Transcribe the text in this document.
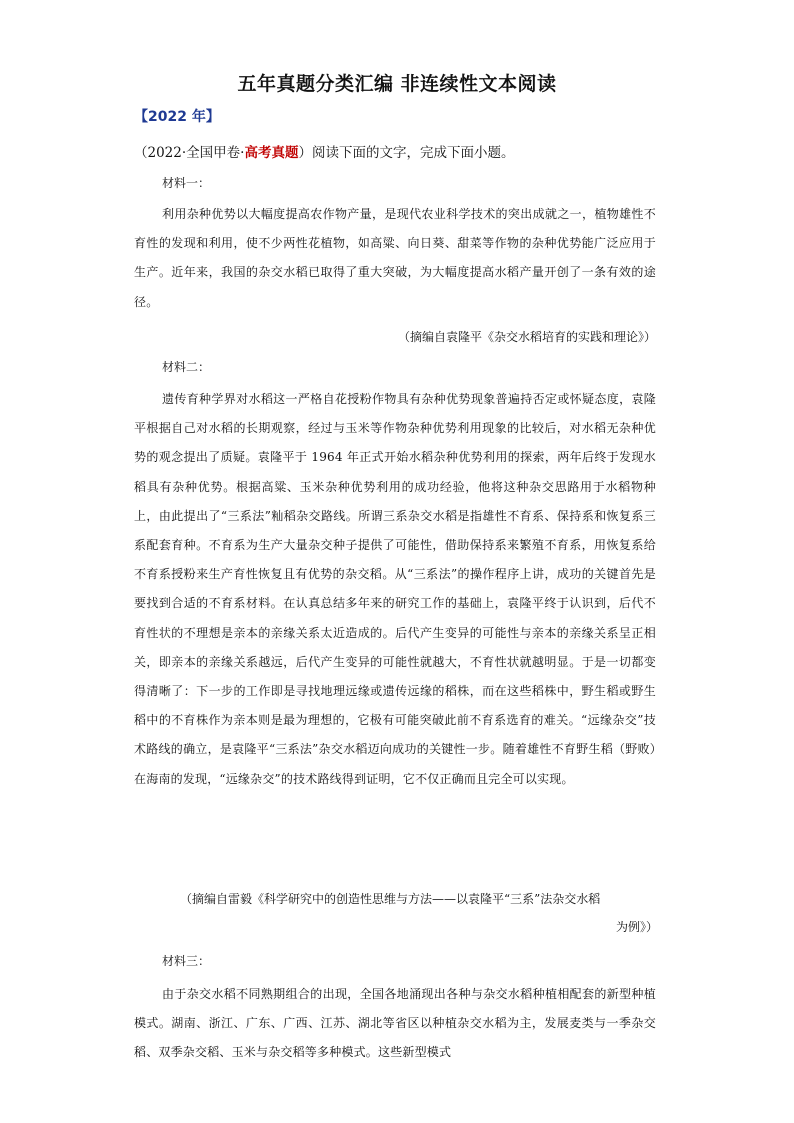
五年真题分类汇编 非连续性文本阅读
【2022 年】
（2022·全国甲卷·高考真题）阅读下面的文字，完成下面小题。
材料一：
利用杂种优势以大幅度提高农作物产量，是现代农业科学技术的突出成就之一，植物雄性不育性的发现和利用，使不少两性花植物，如高粱、向日葵、甜菜等作物的杂种优势能广泛应用于生产。近年来，我国的杂交水稻已取得了重大突破，为大幅度提高水稻产量开创了一条有效的途径。
（摘编自袁隆平《杂交水稻培育的实践和理论》）
材料二：
遗传育种学界对水稻这一严格自花授粉作物具有杂种优势现象普遍持否定或怀疑态度，袁隆平根据自己对水稻的长期观察，经过与玉米等作物杂种优势利用现象的比较后，对水稻无杂种优势的观念提出了质疑。袁隆平于 1964 年正式开始水稻杂种优势利用的探索，两年后终于发现水稻具有杂种优势。根据高粱、玉米杂种优势利用的成功经验，他将这种杂交思路用于水稻物种上，由此提出了“三系法”籼稻杂交路线。所谓三系杂交水稻是指雄性不育系、保持系和恢复系三系配套育种。不育系为生产大量杂交种子提供了可能性，借助保持系来繁殖不育系，用恢复系给不育系授粉来生产育性恢复且有优势的杂交稻。从“三系法”的操作程序上讲，成功的关键首先是要找到合适的不育系材料。在认真总结多年来的研究工作的基础上，袁隆平终于认识到，后代不育性状的不理想是亲本的亲缘关系太近造成的。后代产生变异的可能性与亲本的亲缘关系呈正相关，即亲本的亲缘关系越远，后代产生变异的可能性就越大，不育性状就越明显。于是一切都变得清晰了：下一步的工作即是寻找地理远缘或遗传远缘的稻株，而在这些稻株中，野生稻或野生稻中的不育株作为亲本则是最为理想的，它极有可能突破此前不育系选育的难关。“远缘杂交”技术路线的确立，是袁隆平“三系法”杂交水稻迈向成功的关键性一步。随着雄性不育野生稻（野败）在海南的发现，“远缘杂交”的技术路线得到证明，它不仅正确而且完全可以实现。
（摘编自雷毅《科学研究中的创造性思维与方法——以袁隆平“三系”法杂交水稻
为例》）
材料三：
由于杂交水稻不同熟期组合的出现，全国各地涌现出各种与杂交水稻种植相配套的新型种植模式。湖南、浙江、广东、广西、江苏、湖北等省区以种植杂交水稻为主，发展麦类与一季杂交稻、双季杂交稻、玉米与杂交稻等多种模式。这些新型模式
